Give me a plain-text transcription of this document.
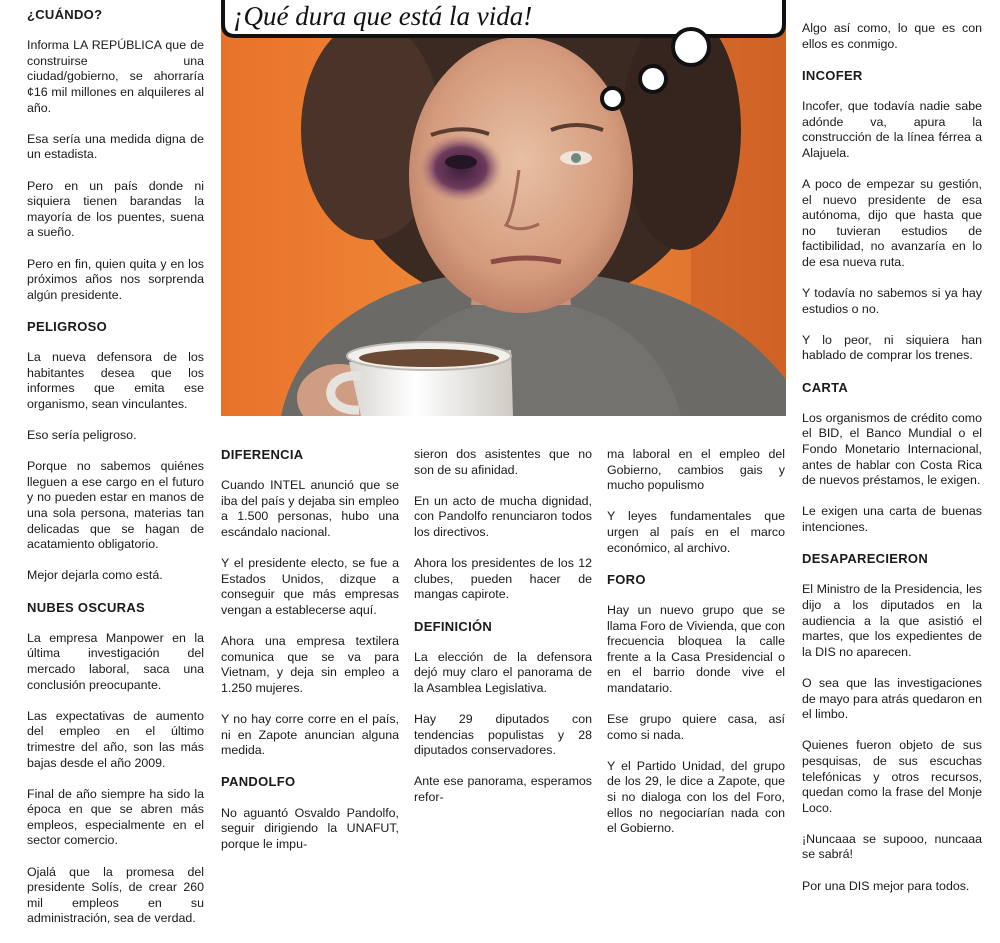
¿CUÁNDO?

Informa LA REPÚBLICA que de construirse una ciudad/gobierno, se ahorraría ¢16 mil millones en alquileres al año.

Esa sería una medida digna de un estadista.

Pero en un país donde ni siquiera tienen barandas la mayoría de los puentes, suena a sueño.

Pero en fin, quien quita y en los próximos años nos sorprenda algún presidente.

PELIGROSO

La nueva defensora de los habitantes desea que los informes que emita ese organismo, sean vinculantes.

Eso sería peligroso.

Porque no sabemos quiénes lleguen a ese cargo en el futuro y no pueden estar en manos de una sola persona, materias tan delicadas que se hagan de acatamiento obligatorio.

Mejor dejarla como está.

NUBES OSCURAS

La empresa Manpower en la última investigación del mercado laboral, saca una conclusión preocupante.

Las expectativas de aumento del empleo en el último trimestre del año, son las más bajas desde el año 2009.

Final de año siempre ha sido la época en que se abren más empleos, especialmente en el sector comercio.

Ojalá que la promesa del presidente Solís, de crear 260 mil empleos en su administración, sea de verdad.

¡Qué dura que está la vida!
DIFERENCIA

Cuando INTEL anunció que se iba del país y dejaba sin empleo a 1.500 personas, hubo una escándalo nacional.

Y el presidente electo, se fue a Estados Unidos, dizque a conseguir que más empresas vengan a establecerse aquí.

Ahora una empresa textilera comunica que se va para Vietnam, y deja sin empleo a 1.250 mujeres.

Y no hay corre corre en el país, ni en Zapote anuncian alguna medida.

PANDOLFO

No aguantó Osvaldo Pandolfo, seguir dirigiendo la UNAFUT, porque le impu-

sieron dos asistentes que no son de su afinidad.

En un acto de mucha dignidad, con Pandolfo renunciaron todos los directivos.

Ahora los presidentes de los 12 clubes, pueden hacer de mangas capirote.

DEFINICIÓN

La elección de la defensora dejó muy claro el panorama de la Asamblea Legislativa.

Hay 29 diputados con tendencias populistas y 28 diputados conservadores.

Ante ese panorama, esperamos refor-

ma laboral en el empleo del Gobierno, cambios gais y mucho populismo

Y leyes fundamentales que urgen al país en el marco económico, al archivo.

FORO

Hay un nuevo grupo que se llama Foro de Vivienda, que con frecuencia bloquea la calle frente a la Casa Presidencial o en el barrio donde vive el mandatario.

Ese grupo quiere casa, así como si nada.

Y el Partido Unidad, del grupo de los 29, le dice a Zapote, que si no dialoga con los del Foro, ellos no negociarían nada con el Gobierno.

Algo así como, lo que es con ellos es conmigo.

INCOFER

Incofer, que todavía nadie sabe adónde va, apura la construcción de la línea férrea a Alajuela.

A poco de empezar su gestión, el nuevo presidente de esa autónoma, dijo que hasta que no tuvieran estudios de factibilidad, no avanzaría en lo de esa nueva ruta.

Y todavía no sabemos si ya hay estudios o no.

Y lo peor, ni siquiera han hablado de comprar los trenes.

CARTA

Los organismos de crédito como el BID, el Banco Mundial o el Fondo Monetario Internacional, antes de hablar con Costa Rica de nuevos préstamos, le exigen.

Le exigen una carta de buenas intenciones.

DESAPARECIERON

El Ministro de la Presidencia, les dijo a los diputados en la audiencia a la que asistió el martes, que los expedientes de la DIS no aparecen.

O sea que las investigaciones de mayo para atrás quedaron en el limbo.

Quienes fueron objeto de sus pesquisas, de sus escuchas telefónicas y otros recursos, quedan como la frase del Monje Loco.

¡Nuncaaa se supooo, nuncaaa se sabrá!

Por una DIS mejor para todos.
